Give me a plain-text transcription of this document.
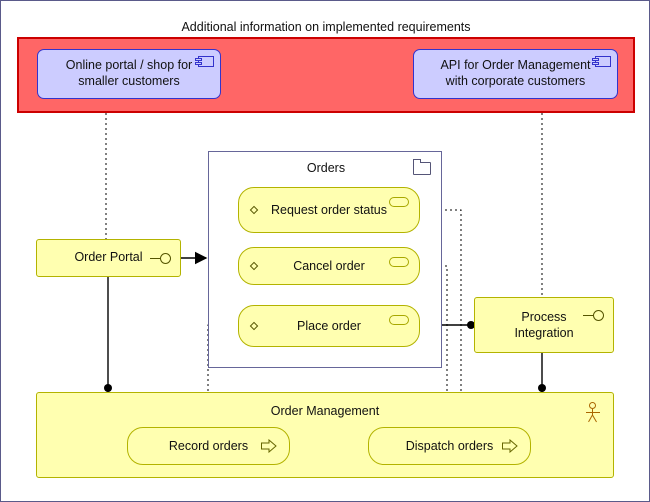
Additional information on implemented requirements
Online portal / shop for
smaller customers
API for Order Management
with corporate customers
Orders
Request order status
Cancel order
Place order
Order Portal
Process
Integration
Order Management
Record orders	Dispatch orders
